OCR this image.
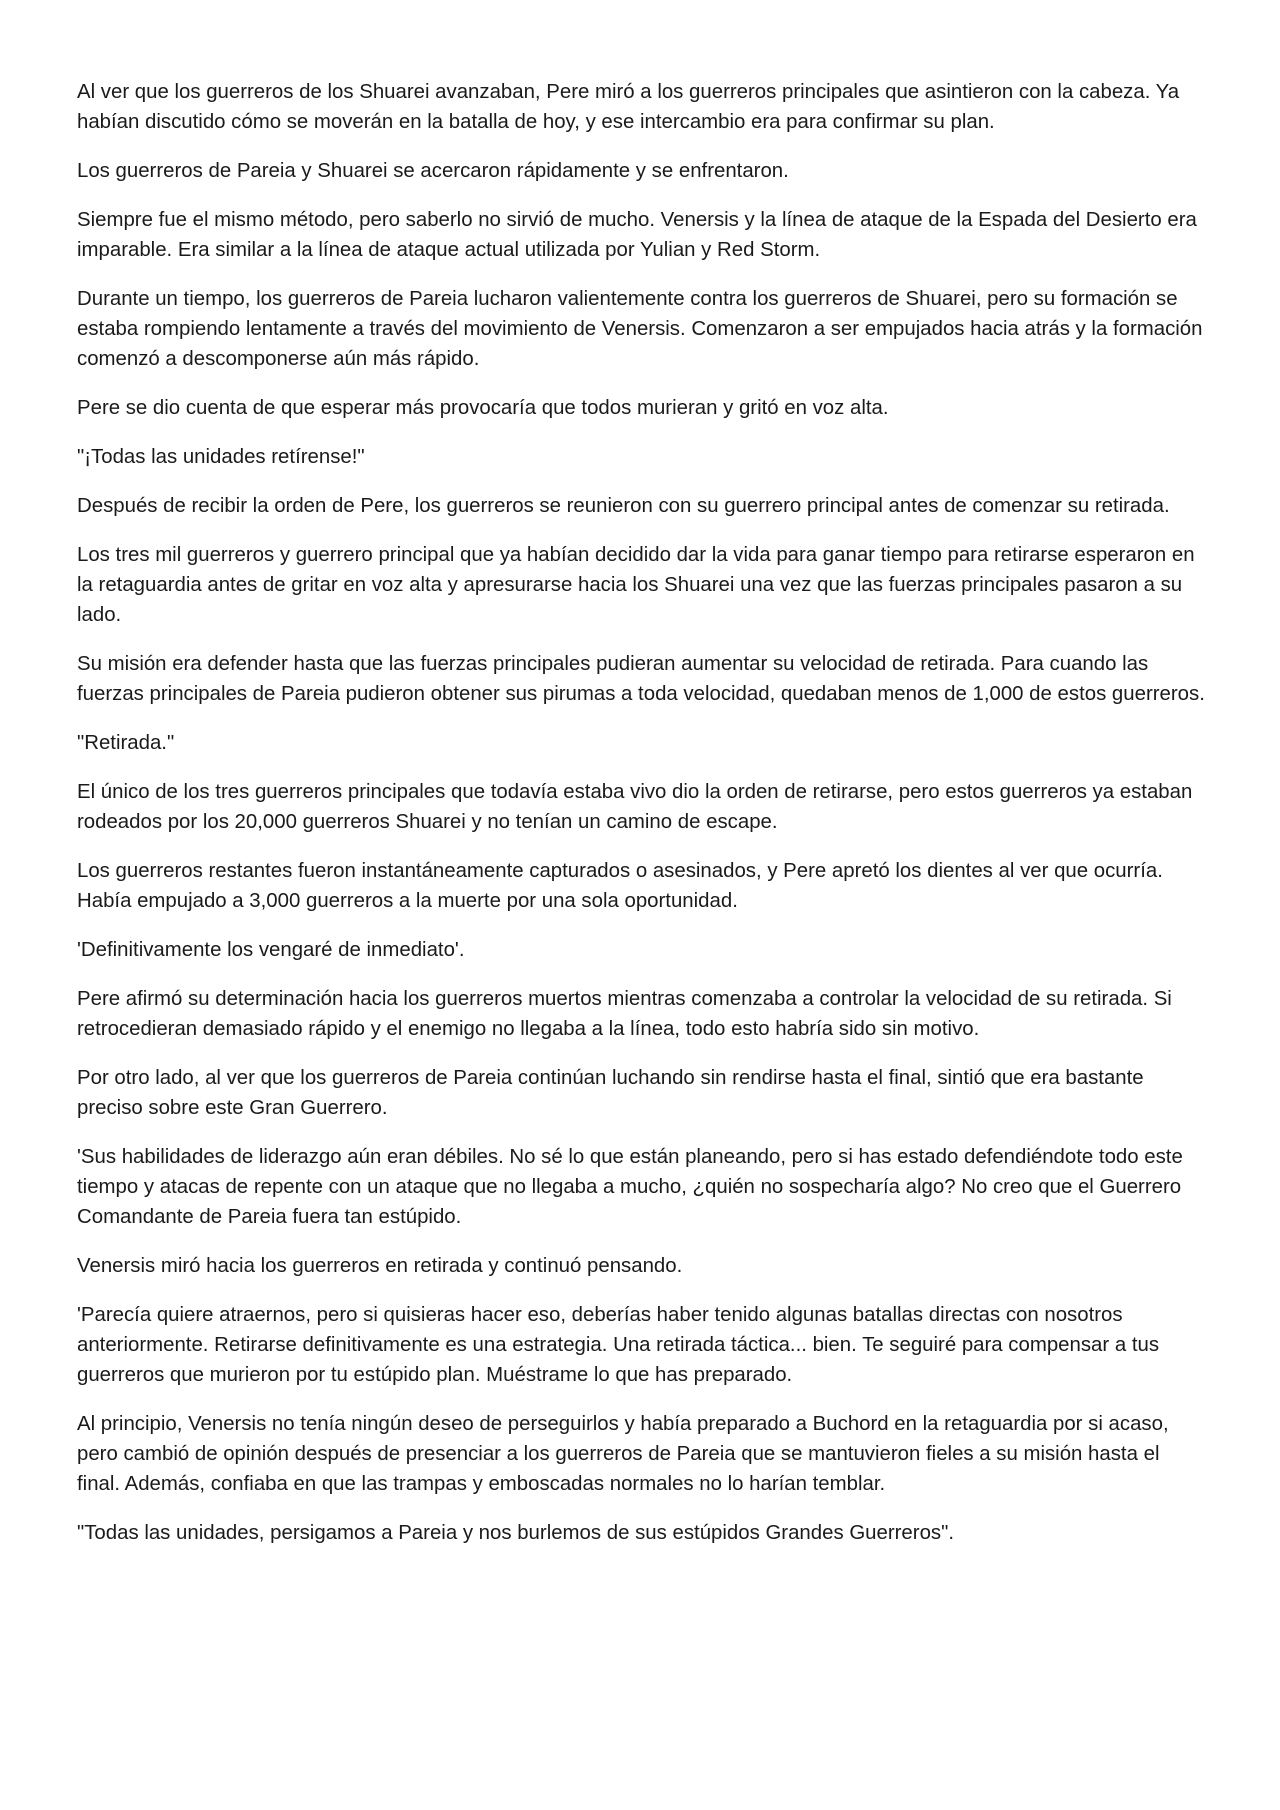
Al ver que los guerreros de los Shuarei avanzaban, Pere miró a los guerreros principales que asintieron con la cabeza. Ya habían discutido cómo se moverán en la batalla de hoy, y ese intercambio era para confirmar su plan.

Los guerreros de Pareia y Shuarei se acercaron rápidamente y se enfrentaron.

Siempre fue el mismo método, pero saberlo no sirvió de mucho. Venersis y la línea de ataque de la Espada del Desierto era imparable. Era similar a la línea de ataque actual utilizada por Yulian y Red Storm.

Durante un tiempo, los guerreros de Pareia lucharon valientemente contra los guerreros de Shuarei, pero su formación se estaba rompiendo lentamente a través del movimiento de Venersis. Comenzaron a ser empujados hacia atrás y la formación comenzó a descomponerse aún más rápido.

Pere se dio cuenta de que esperar más provocaría que todos murieran y gritó en voz alta.

"¡Todas las unidades retírense!"

Después de recibir la orden de Pere, los guerreros se reunieron con su guerrero principal antes de comenzar su retirada.

Los tres mil guerreros y guerrero principal que ya habían decidido dar la vida para ganar tiempo para retirarse esperaron en la retaguardia antes de gritar en voz alta y apresurarse hacia los Shuarei una vez que las fuerzas principales pasaron a su lado.

Su misión era defender hasta que las fuerzas principales pudieran aumentar su velocidad de retirada. Para cuando las fuerzas principales de Pareia pudieron obtener sus pirumas a toda velocidad, quedaban menos de 1,000 de estos guerreros.

"Retirada."

El único de los tres guerreros principales que todavía estaba vivo dio la orden de retirarse, pero estos guerreros ya estaban rodeados por los 20,000 guerreros Shuarei y no tenían un camino de escape.

Los guerreros restantes fueron instantáneamente capturados o asesinados, y Pere apretó los dientes al ver que ocurría. Había empujado a 3,000 guerreros a la muerte por una sola oportunidad.

'Definitivamente los vengaré de inmediato'.

Pere afirmó su determinación hacia los guerreros muertos mientras comenzaba a controlar la velocidad de su retirada. Si retrocedieran demasiado rápido y el enemigo no llegaba a la línea, todo esto habría sido sin motivo.

Por otro lado, al ver que los guerreros de Pareia continúan luchando sin rendirse hasta el final, sintió que era bastante preciso sobre este Gran Guerrero.

'Sus habilidades de liderazgo aún eran débiles. No sé lo que están planeando, pero si has estado defendiéndote todo este tiempo y atacas de repente con un ataque que no llegaba a mucho, ¿quién no sospecharía algo? No creo que el Guerrero Comandante de Pareia fuera tan estúpido.

Venersis miró hacia los guerreros en retirada y continuó pensando.

'Parecía quiere atraernos, pero si quisieras hacer eso, deberías haber tenido algunas batallas directas con nosotros anteriormente. Retirarse definitivamente es una estrategia. Una retirada táctica... bien. Te seguiré para compensar a tus guerreros que murieron por tu estúpido plan. Muéstrame lo que has preparado.

Al principio, Venersis no tenía ningún deseo de perseguirlos y había preparado a Buchord en la retaguardia por si acaso, pero cambió de opinión después de presenciar a los guerreros de Pareia que se mantuvieron fieles a su misión hasta el final. Además, confiaba en que las trampas y emboscadas normales no lo harían temblar.

"Todas las unidades, persigamos a Pareia y nos burlemos de sus estúpidos Grandes Guerreros".
